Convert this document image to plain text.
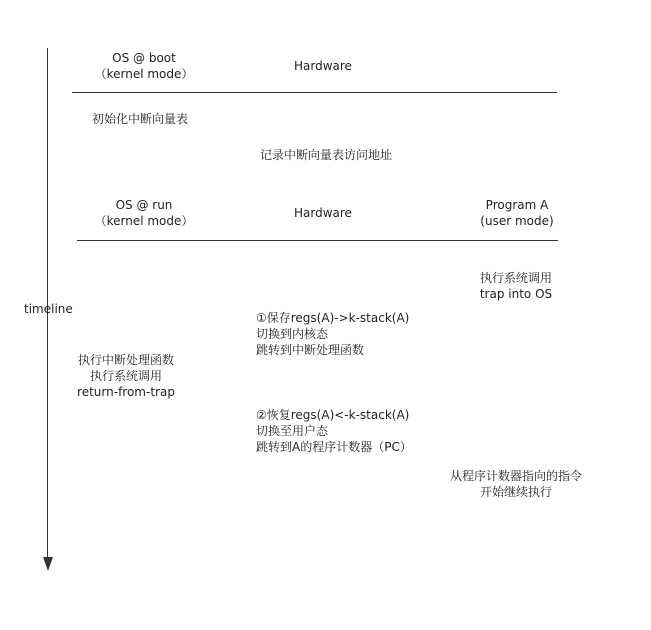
timeline
OS @ boot
（kernel mode）
Hardware
初始化中断向量表
记录中断向量表访问地址
OS @ run
（kernel mode）
Hardware
Program A
(user mode)
执行系统调用
trap into OS
①保存regs(A)->k-stack(A)
切换到内核态
跳转到中断处理函数
执行中断处理函数
执行系统调用
return-from-trap
②恢复regs(A)<-k-stack(A)
切换至用户态
跳转到A的程序计数器（PC）
从程序计数器指向的指令
开始继续执行
